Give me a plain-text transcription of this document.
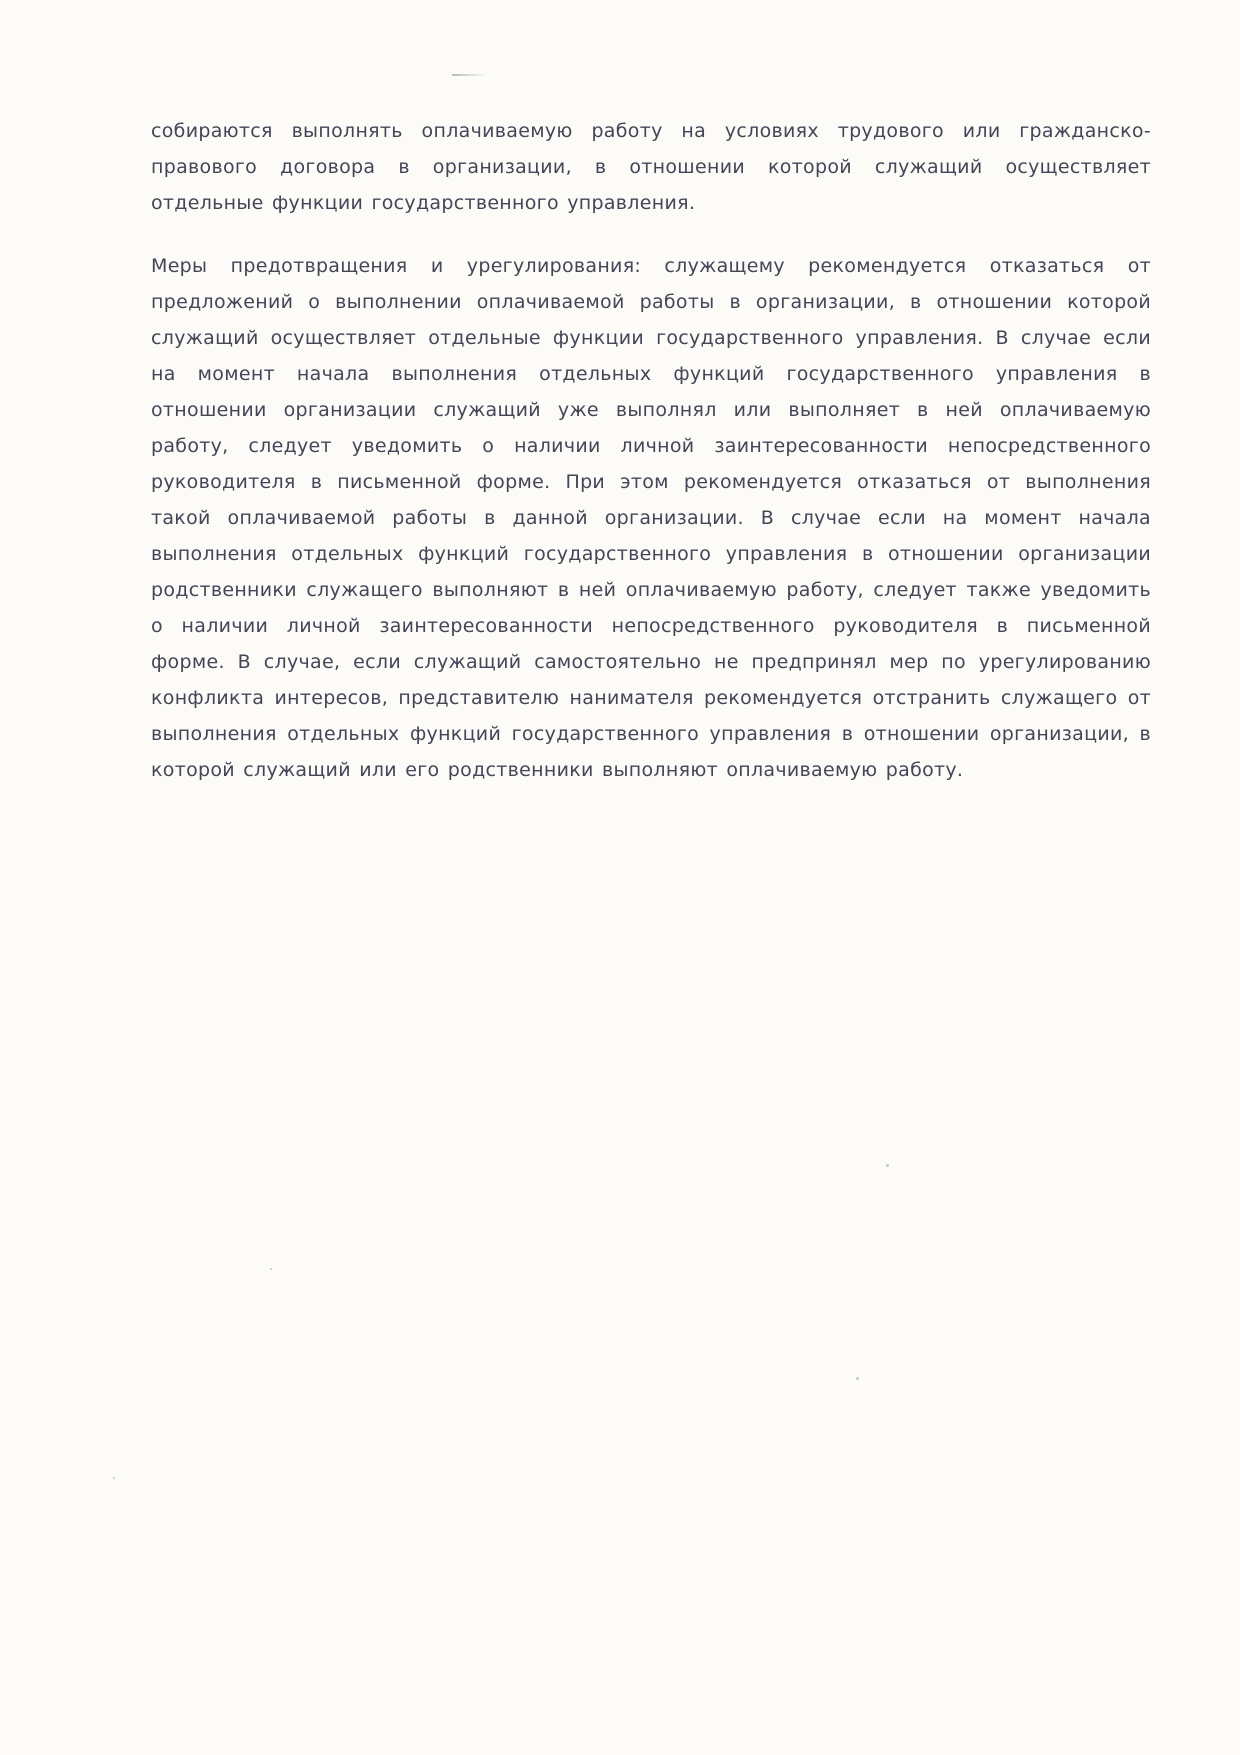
собираются выполнять оплачиваемую работу на условиях трудового или гражданско-правового договора в организации, в отношении которой служащий осуществляет отдельные функции государственного управления.

Меры предотвращения и урегулирования: служащему рекомендуется отказаться от предложений о выполнении оплачиваемой работы в организации, в отношении которой служащий осуществляет отдельные функции государственного управления. В случае если на момент начала выполнения отдельных функций государственного управления в отношении организации служащий уже выполнял или выполняет в ней оплачиваемую работу, следует уведомить о наличии личной заинтересованности непосредственного руководителя в письменной форме. При этом рекомендуется отказаться от выполнения такой оплачиваемой работы в данной организации. В случае если на момент начала выполнения отдельных функций государственного управления в отношении организации родственники служащего выполняют в ней оплачиваемую работу, следует также уведомить о наличии личной заинтересованности непосредственного руководителя в письменной форме. В случае, если служащий самостоятельно не предпринял мер по урегулированию конфликта интересов, представителю нанимателя рекомендуется отстранить служащего от выполнения отдельных функций государственного управления в отношении организации, в которой служащий или его родственники выполняют оплачиваемую работу.
